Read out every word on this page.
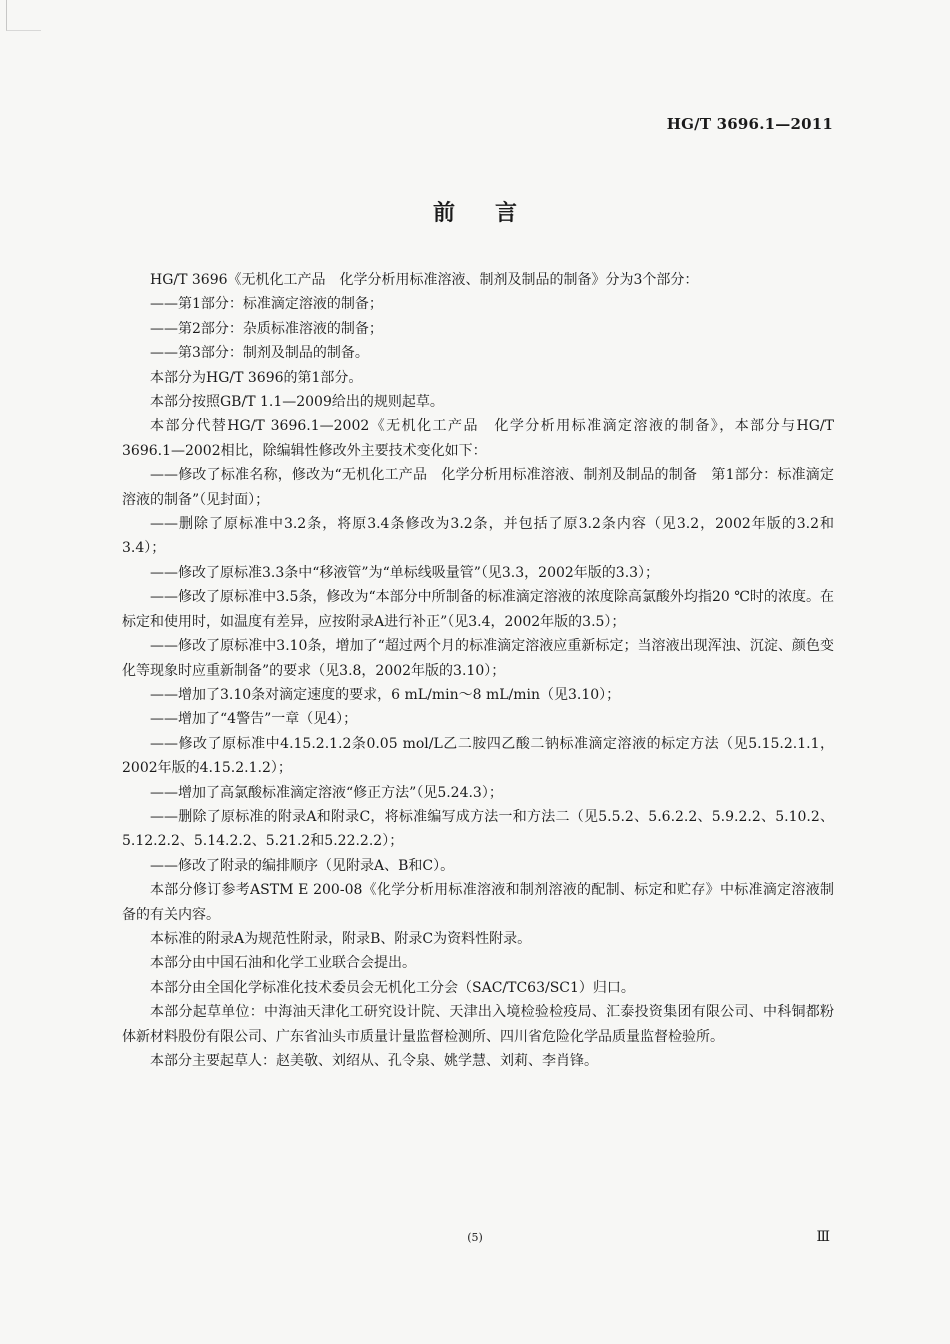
HG/T 3696.1—2011
前言

HG/T 3696《无机化工产品　化学分析用标准溶液、制剂及制品的制备》分为3个部分：

——第1部分：标准滴定溶液的制备；

——第2部分：杂质标准溶液的制备；

——第3部分：制剂及制品的制备。

本部分为HG/T 3696的第1部分。

本部分按照GB/T 1.1—2009给出的规则起草。

本部分代替HG/T 3696.1—2002《无机化工产品　化学分析用标准滴定溶液的制备》，本部分与HG/T 3696.1—2002相比，除编辑性修改外主要技术变化如下：

——修改了标准名称，修改为“无机化工产品　化学分析用标准溶液、制剂及制品的制备　第1部分：标准滴定溶液的制备”（见封面）；

——删除了原标准中3.2条，将原3.4条修改为3.2条，并包括了原3.2条内容（见3.2，2002年版的3.2和3.4）；

——修改了原标准3.3条中“移液管”为“单标线吸量管”（见3.3，2002年版的3.3）；

——修改了原标准中3.5条，修改为“本部分中所制备的标准滴定溶液的浓度除高氯酸外均指20 ℃时的浓度。在标定和使用时，如温度有差异，应按附录A进行补正”（见3.4，2002年版的3.5）；

——修改了原标准中3.10条，增加了“超过两个月的标准滴定溶液应重新标定；当溶液出现浑浊、沉淀、颜色变化等现象时应重新制备”的要求（见3.8，2002年版的3.10）；

——增加了3.10条对滴定速度的要求，6 mL/min～8 mL/min（见3.10）；

——增加了“4警告”一章（见4）；

——修改了原标准中4.15.2.1.2条0.05 mol/L乙二胺四乙酸二钠标准滴定溶液的标定方法（见5.15.2.1.1，2002年版的4.15.2.1.2）；

——增加了高氯酸标准滴定溶液“修正方法”（见5.24.3）；

——删除了原标准的附录A和附录C，将标准编写成方法一和方法二（见5.5.2、5.6.2.2、5.9.2.2、5.10.2、5.12.2.2、5.14.2.2、5.21.2和5.22.2.2）；

——修改了附录的编排顺序（见附录A、B和C）。

本部分修订参考ASTM E 200-08《化学分析用标准溶液和制剂溶液的配制、标定和贮存》中标准滴定溶液制备的有关内容。

本标准的附录A为规范性附录，附录B、附录C为资料性附录。

本部分由中国石油和化学工业联合会提出。

本部分由全国化学标准化技术委员会无机化工分会（SAC/TC63/SC1）归口。

本部分起草单位：中海油天津化工研究设计院、天津出入境检验检疫局、汇泰投资集团有限公司、中科铜都粉体新材料股份有限公司、广东省汕头市质量计量监督检测所、四川省危险化学品质量监督检验所。

本部分主要起草人：赵美敬、刘绍从、孔令泉、姚学慧、刘莉、李肖锋。

(5)	Ⅲ
